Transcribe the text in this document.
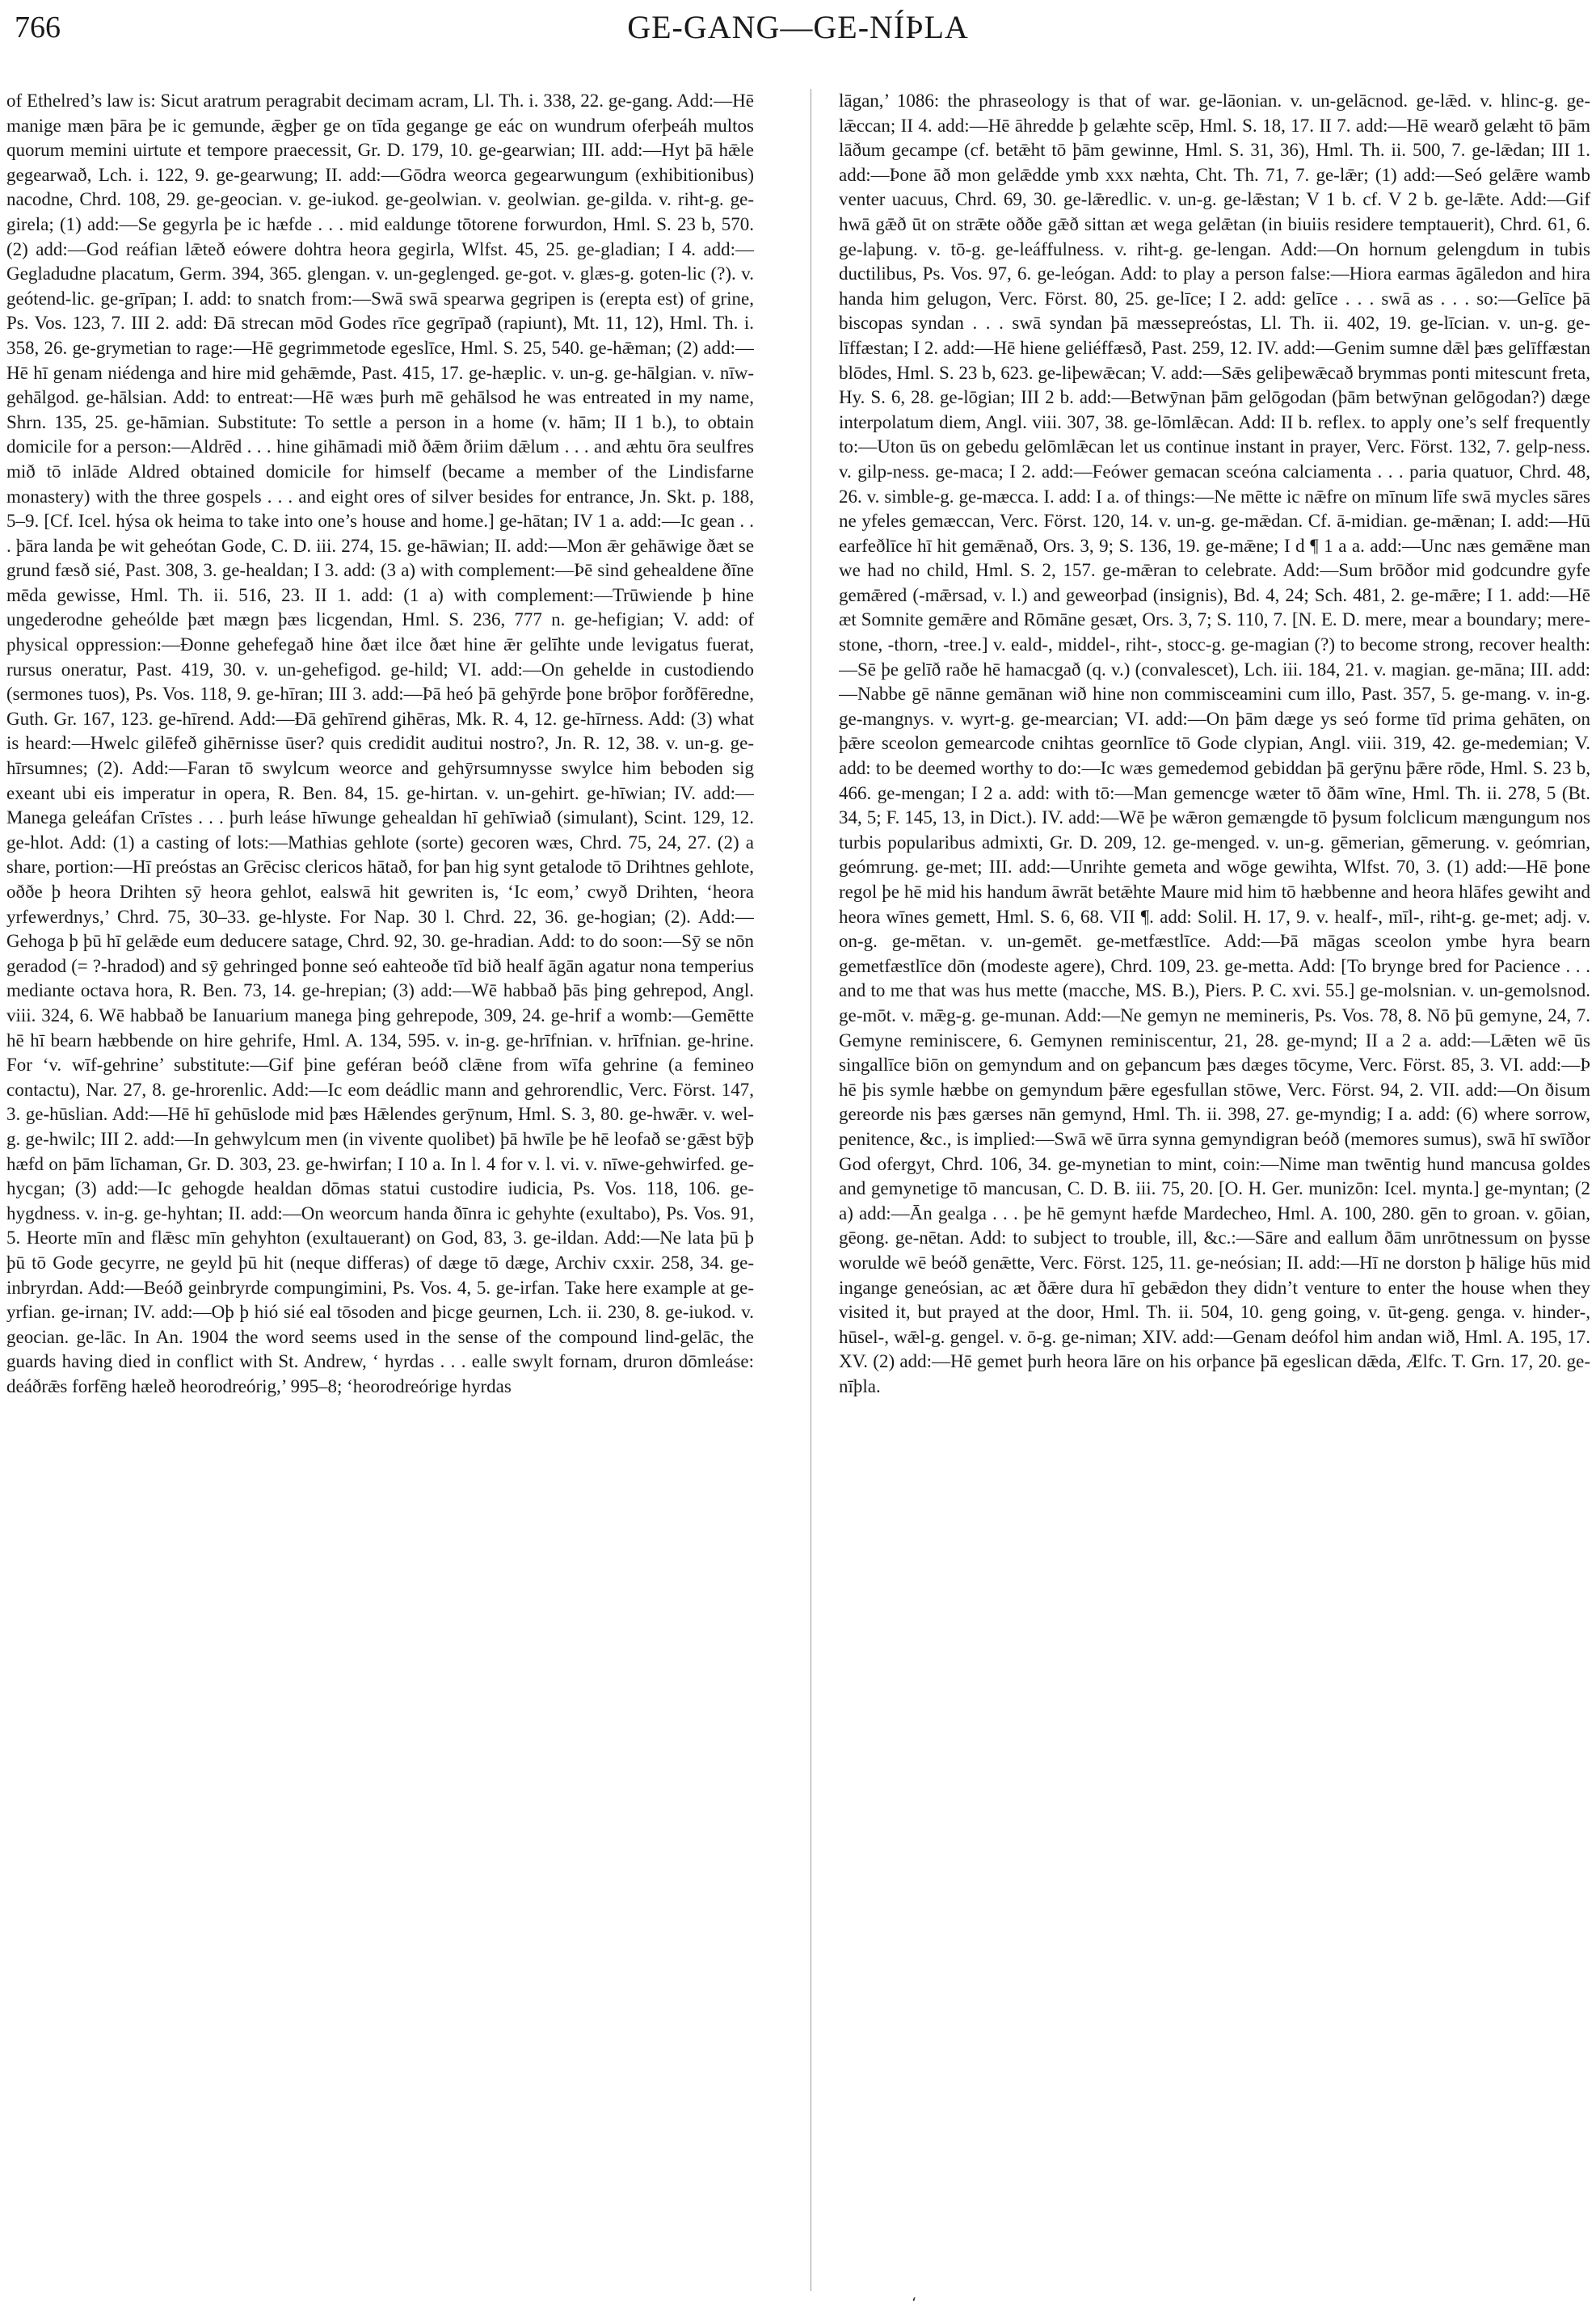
766	GE-GANG—GE-NÍÞLA
of Ethelred’s law is: Sicut aratrum peragrabit decimam acram, Ll. Th. i. 338, 22. ge-gang. Add:—Hē manige mæn þāra þe ic gemunde, ǣgþer ge on tīda gegange ge eác on wundrum oferþeáh multos quorum memini uirtute et tempore praecessit, Gr. D. 179, 10. ge-gearwian; III. add:—Hyt þā hǣle gegearwað, Lch. i. 122, 9. ge-gearwung; II. add:—Gōdra weorca gegearwungum (exhibitionibus) nacodne, Chrd. 108, 29. ge-geocian. v. ge-iukod. ge-geolwian. v. geolwian. ge-gilda. v. riht-g. ge-girela; (1) add:—Se gegyrla þe ic hæfde . . . mid ealdunge tōtorene forwurdon, Hml. S. 23 b, 570. (2) add:—God reáfian lǣteð eówere dohtra heora gegirla, Wlfst. 45, 25. ge-gladian; I 4. add:—Gegladudne placatum, Germ. 394, 365. glengan. v. un-geglenged. ge-got. v. glæs-g. goten-lic (?). v. geótend-lic. ge-grīpan; I. add: to snatch from:—Swā swā spearwa gegripen is (erepta est) of grine, Ps. Vos. 123, 7. III 2. add: Ðā strecan mōd Godes rīce gegrīpað (rapiunt), Mt. 11, 12), Hml. Th. i. 358, 26. ge-grymetian to rage:—Hē gegrimmetode egeslīce, Hml. S. 25, 540. ge-hǣman; (2) add:—Hē hī genam niédenga and hire mid gehǣmde, Past. 415, 17. ge-hæplic. v. un-g. ge-hālgian. v. nīw-gehālgod. ge-hālsian. Add: to entreat:—Hē wæs þurh mē gehālsod he was entreated in my name, Shrn. 135, 25. ge-hāmian. Substitute: To settle a person in a home (v. hām; II 1 b.), to obtain domicile for a person:—Aldrēd . . . hine gihāmadi mið ðǣm ðriim dǣlum . . . and æhtu ōra seulfres mið tō inlāde Aldred obtained domicile for himself (became a member of the Lindisfarne monastery) with the three gospels . . . and eight ores of silver besides for entrance, Jn. Skt. p. 188, 5–9. [Cf. Icel. hýsa ok heima to take into one’s house and home.] ge-hātan; IV 1 a. add:—Ic gean . . . þāra landa þe wit geheótan Gode, C. D. iii. 274, 15. ge-hāwian; II. add:—Mon ǣr gehāwige ðæt se grund fæsð sié, Past. 308, 3. ge-healdan; I 3. add: (3 a) with complement:—Þē sind gehealdene ðīne mēda gewisse, Hml. Th. ii. 516, 23. II 1. add: (1 a) with complement:—Trūwiende þ hine ungederodne geheólde þæt mægn þæs licgendan, Hml. S. 236, 777 n. ge-hefigian; V. add: of physical oppression:—Ðonne gehefegað hine ðæt ilce ðæt hine ǣr gelīhte unde levigatus fuerat, rursus oneratur, Past. 419, 30. v. un-gehefigod. ge-hild; VI. add:—On gehelde in custodiendo (sermones tuos), Ps. Vos. 118, 9. ge-hīran; III 3. add:—Þā heó þā gehȳrde þone brōþor forðfēredne, Guth. Gr. 167, 123. ge-hīrend. Add:—Ðā gehīrend gihēras, Mk. R. 4, 12. ge-hīrness. Add: (3) what is heard:—Hwelc gilēfeð gihērnisse ūser? quis credidit auditui nostro?, Jn. R. 12, 38. v. un-g. ge-hīrsumnes; (2). Add:—Faran tō swylcum weorce and gehȳrsumnysse swylce him beboden sig exeant ubi eis imperatur in opera, R. Ben. 84, 15. ge-hirtan. v. un-gehirt. ge-hīwian; IV. add:—Manega geleáfan Crīstes . . . þurh leáse hīwunge gehealdan hī gehīwiað (simulant), Scint. 129, 12. ge-hlot. Add: (1) a casting of lots:—Mathias gehlote (sorte) gecoren wæs, Chrd. 75, 24, 27. (2) a share, portion:—Hī preóstas an Grēcisc clericos hātað, for þan hig synt getalode tō Drihtnes gehlote, oððe þ heora Drihten sȳ heora gehlot, ealswā hit gewriten is, ‘Ic eom,’ cwyð Drihten, ‘heora yrfewerdnys,’ Chrd. 75, 30–33. ge-hlyste. For Nap. 30 l. Chrd. 22, 36. ge-hogian; (2). Add:—Gehoga þ þū hī gelǣde eum deducere satage, Chrd. 92, 30. ge-hradian. Add: to do soon:—Sȳ se nōn geradod (= ?-hradod) and sȳ gehringed þonne seó eahteoðe tīd bið healf āgān agatur nona temperius mediante octava hora, R. Ben. 73, 14. ge-hrepian; (3) add:—Wē habbað þās þing gehrepod, Angl. viii. 324, 6. Wē habbað be Ianuarium manega þing gehrepode, 309, 24. ge-hrif a womb:—Gemētte hē hī bearn hæbbende on hire gehrife, Hml. A. 134, 595. v. in-g. ge-hrīfnian. v. hrīfnian. ge-hrine. For ‘v. wīf-gehrine’ substitute:—Gif þine geféran beóð clǣne from wīfa gehrine (a femineo contactu), Nar. 27, 8. ge-hrorenlic. Add:—Ic eom deádlic mann and gehrorendlic, Verc. Först. 147, 3. ge-hūslian. Add:—Hē hī gehūslode mid þæs Hǣlendes gerȳnum, Hml. S. 3, 80. ge-hwǣr. v. wel-g. ge-hwilc; III 2. add:—In gehwylcum men (in vivente quolibet) þā hwīle þe hē leofað se·gǣst bȳþ hæfd on þām līchaman, Gr. D. 303, 23. ge-hwirfan; I 10 a. In l. 4 for v. l. vi. v. nīwe-gehwirfed. ge-hycgan; (3) add:—Ic gehogde healdan dōmas statui custodire iudicia, Ps. Vos. 118, 106. ge-hygdness. v. in-g. ge-hyhtan; II. add:—On weorcum handa ðīnra ic gehyhte (exultabo), Ps. Vos. 91, 5. Heorte mīn and flǣsc mīn gehyhton (exultauerant) on God, 83, 3. ge-ildan. Add:—Ne lata þū þ þū tō Gode gecyrre, ne geyld þū hit (neque differas) of dæge tō dæge, Archiv cxxir. 258, 34. ge-inbryrdan. Add:—Beóð geinbryrde compungimini, Ps. Vos. 4, 5. ge-irfan. Take here example at ge-yrfian. ge-irnan; IV. add:—Oþ þ hió sié eal tōsoden and þicge geurnen, Lch. ii. 230, 8. ge-iukod. v. geocian. ge-lāc. In An. 1904 the word seems used in the sense of the compound lind-gelāc, the guards having died in conflict with St. Andrew, ‘ hyrdas . . . ealle swylt fornam, druron dōmleáse: deáðrǣs forfēng hæleð heorodreórig,’ 995–8; ‘heorodreórige hyrdas
lāgan,’ 1086: the phraseology is that of war. ge-lāonian. v. un-gelācnod. ge-lǣd. v. hlinc-g. ge-lǣccan; II 4. add:—Hē āhredde þ gelæhte scēp, Hml. S. 18, 17. II 7. add:—Hē wearð gelæht tō þām lāðum gecampe (cf. betǣht tō þām gewinne, Hml. S. 31, 36), Hml. Th. ii. 500, 7. ge-lǣdan; III 1. add:—Þone āð mon gelǣdde ymb xxx næhta, Cht. Th. 71, 7. ge-lǣr; (1) add:—Seó gelǣre wamb venter uacuus, Chrd. 69, 30. ge-lǣredlic. v. un-g. ge-lǣstan; V 1 b. cf. V 2 b. ge-lǣte. Add:—Gif hwā gǣð ūt on strǣte oððe gǣð sittan æt wega gelǣtan (in biuiis residere temptauerit), Chrd. 61, 6. ge-laþung. v. tō-g. ge-leáffulness. v. riht-g. ge-lengan. Add:—On hornum gelengdum in tubis ductilibus, Ps. Vos. 97, 6. ge-leógan. Add: to play a person false:—Hiora earmas āgāledon and hira handa him gelugon, Verc. Först. 80, 25. ge-līce; I 2. add: gelīce . . . swā as . . . so:—Gelīce þā biscopas syndan . . . swā syndan þā mæssepreóstas, Ll. Th. ii. 402, 19. ge-līcian. v. un-g. ge-līffæstan; I 2. add:—Hē hiene geliéffæsð, Past. 259, 12. IV. add:—Genim sumne dǣl þæs gelīffæstan blōdes, Hml. S. 23 b, 623. ge-liþewǣcan; V. add:—Sǣs geliþewǣcað brymmas ponti mitescunt freta, Hy. S. 6, 28. ge-lōgian; III 2 b. add:—Betwȳnan þām gelōgodan (þām betwȳnan gelōgodan?) dæge interpolatum diem, Angl. viii. 307, 38. ge-lōmlǣcan. Add: II b. reflex. to apply one’s self frequently to:—Uton ūs on gebedu gelōmlǣcan let us continue instant in prayer, Verc. Först. 132, 7. gelp-ness. v. gilp-ness. ge-maca; I 2. add:—Feówer gemacan sceóna calciamenta . . . paria quatuor, Chrd. 48, 26. v. simble-g. ge-mæcca. I. add: I a. of things:—Ne mētte ic nǣfre on mīnum līfe swā mycles sāres ne yfeles gemæccan, Verc. Först. 120, 14. v. un-g. ge-mǣdan. Cf. ā-midian. ge-mǣnan; I. add:—Hū earfeðlīce hī hit gemǣnað, Ors. 3, 9; S. 136, 19. ge-mǣne; I d ¶ 1 a a. add:—Unc næs gemǣne man we had no child, Hml. S. 2, 157. ge-mǣran to celebrate. Add:—Sum brōðor mid godcundre gyfe gemǣred (-mǣrsad, v. l.) and geweorþad (insignis), Bd. 4, 24; Sch. 481, 2. ge-mǣre; I 1. add:—Hē æt Somnite gemǣre and Rōmāne gesæt, Ors. 3, 7; S. 110, 7. [N. E. D. mere, mear a boundary; mere-stone, -thorn, -tree.] v. eald-, middel-, riht-, stocc-g. ge-magian (?) to become strong, recover health:—Sē þe gelīð raðe hē hamacgað (q. v.) (convalescet), Lch. iii. 184, 21. v. magian. ge-māna; III. add:—Nabbe gē nānne gemānan wið hine non commisceamini cum illo, Past. 357, 5. ge-mang. v. in-g. ge-mangnys. v. wyrt-g. ge-mearcian; VI. add:—On þām dæge ys seó forme tīd prima gehāten, on þǣre sceolon gemearcode cnihtas geornlīce tō Gode clypian, Angl. viii. 319, 42. ge-medemian; V. add: to be deemed worthy to do:—Ic wæs gemedemod gebiddan þā gerȳnu þǣre rōde, Hml. S. 23 b, 466. ge-mengan; I 2 a. add: with tō:—Man gemencge wæter tō ðām wīne, Hml. Th. ii. 278, 5 (Bt. 34, 5; F. 145, 13, in Dict.). IV. add:—Wē þe wǣron gemængde tō þysum folclicum mængungum nos turbis popularibus admixti, Gr. D. 209, 12. ge-menged. v. un-g. gēmerian, gēmerung. v. geómrian, geómrung. ge-met; III. add:—Unrihte gemeta and wōge gewihta, Wlfst. 70, 3. (1) add:—Hē þone regol þe hē mid his handum āwrāt betǣhte Maure mid him tō hæbbenne and heora hlāfes gewiht and heora wīnes gemett, Hml. S. 6, 68. VII ¶. add: Solil. H. 17, 9. v. healf-, mīl-, riht-g. ge-met; adj. v. on-g. ge-mētan. v. un-gemēt. ge-metfæstlīce. Add:—Þā māgas sceolon ymbe hyra bearn gemetfæstlīce dōn (modeste agere), Chrd. 109, 23. ge-metta. Add: [To brynge bred for Pacience . . . and to me that was hus mette (macche, MS. B.), Piers. P. C. xvi. 55.] ge-molsnian. v. un-gemolsnod. ge-mōt. v. mǣg-g. ge-munan. Add:—Ne gemyn ne memineris, Ps. Vos. 78, 8. Nō þū gemyne, 24, 7. Gemyne reminiscere, 6. Gemynen reminiscentur, 21, 28. ge-mynd; II a 2 a. add:—Lǣten wē ūs singallīce biōn on gemyndum and on geþancum þæs dæges tōcyme, Verc. Först. 85, 3. VI. add:—Þ hē þis symle hæbbe on gemyndum þǣre egesfullan stōwe, Verc. Först. 94, 2. VII. add:—On ðisum gereorde nis þæs gærses nān gemynd, Hml. Th. ii. 398, 27. ge-myndig; I a. add: (6) where sorrow, penitence, &c., is implied:—Swā wē ūrra synna gemyndigran beóð (memores sumus), swā hī swīðor God ofergyt, Chrd. 106, 34. ge-mynetian to mint, coin:—Nime man twēntig hund mancusa goldes and gemynetige tō mancusan, C. D. B. iii. 75, 20. [O. H. Ger. munizōn: Icel. mynta.] ge-myntan; (2 a) add:—Ān gealga . . . þe hē gemynt hæfde Mardecheo, Hml. A. 100, 280. gēn to groan. v. gōian, gēong. ge-nētan. Add: to subject to trouble, ill, &c.:—Sāre and eallum ðām unrōtnessum on þysse worulde wē beóð genǣtte, Verc. Först. 125, 11. ge-neósian; II. add:—Hī ne dorston þ hālige hūs mid ingange geneósian, ac æt ðǣre dura hī gebǣdon they didn’t venture to enter the house when they visited it, but prayed at the door, Hml. Th. ii. 504, 10. geng going, v. ūt-geng. genga. v. hinder-, hūsel-, wǣl-g. gengel. v. ō-g. ge-niman; XIV. add:—Genam deófol him andan wið, Hml. A. 195, 17. XV. (2) add:—Hē gemet þurh heora lāre on his orþance þā egeslican dǣda, Ælfc. T. Grn. 17, 20. ge-nīþla.
‘
